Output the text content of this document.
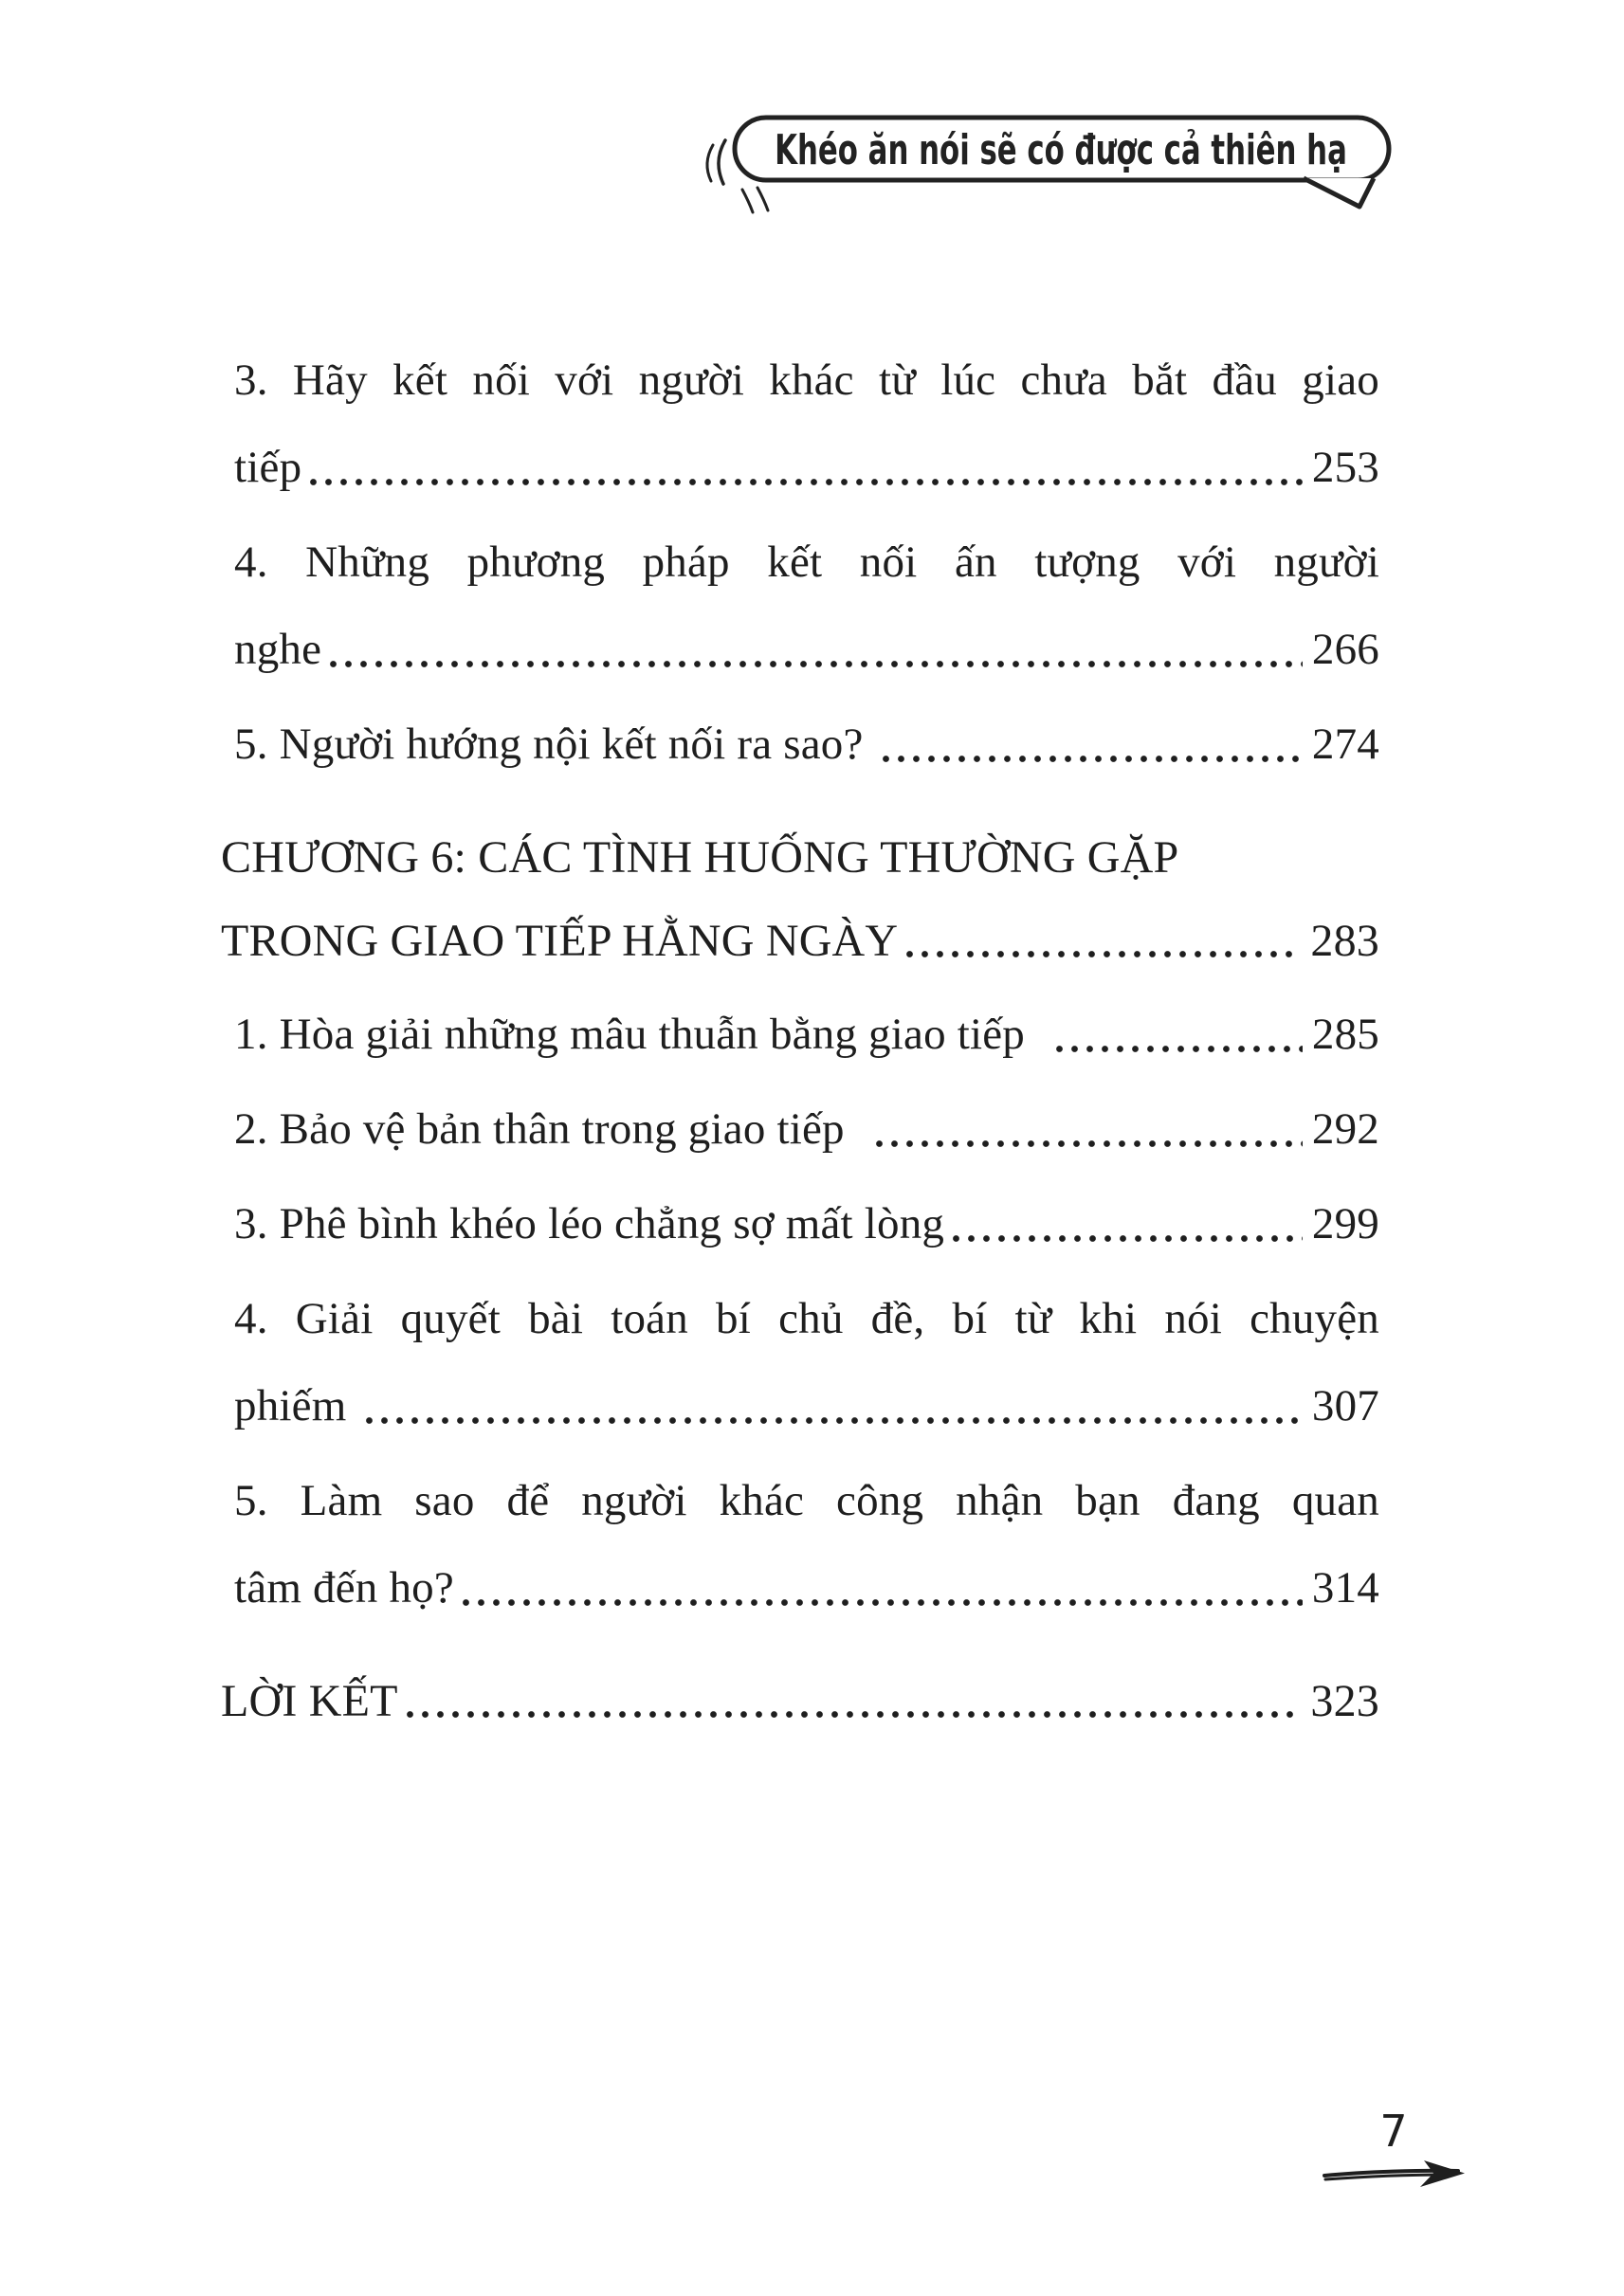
Khéo ăn nói sẽ có được cả thiên hạ
3. Hãy kết nối với người khác từ lúc chưa bắt đầu giao
tiếp	253
4. Những phương pháp kết nối ấn tượng với người
nghe	266
5. Người hướng nội kết nối ra sao?	274
CHƯƠNG 6: CÁC TÌNH HUỐNG THƯỜNG GẶP
TRONG GIAO TIẾP HẰNG NGÀY	283
1. Hòa giải những mâu thuẫn bằng giao tiếp	285
2. Bảo vệ bản thân trong giao tiếp	292
3. Phê bình khéo léo chẳng sợ mất lòng	299
4. Giải quyết bài toán bí chủ đề, bí từ khi nói chuyện
phiếm	307
5. Làm sao để người khác công nhận bạn đang quan
tâm đến họ?	314
LỜI KẾT	323
7
